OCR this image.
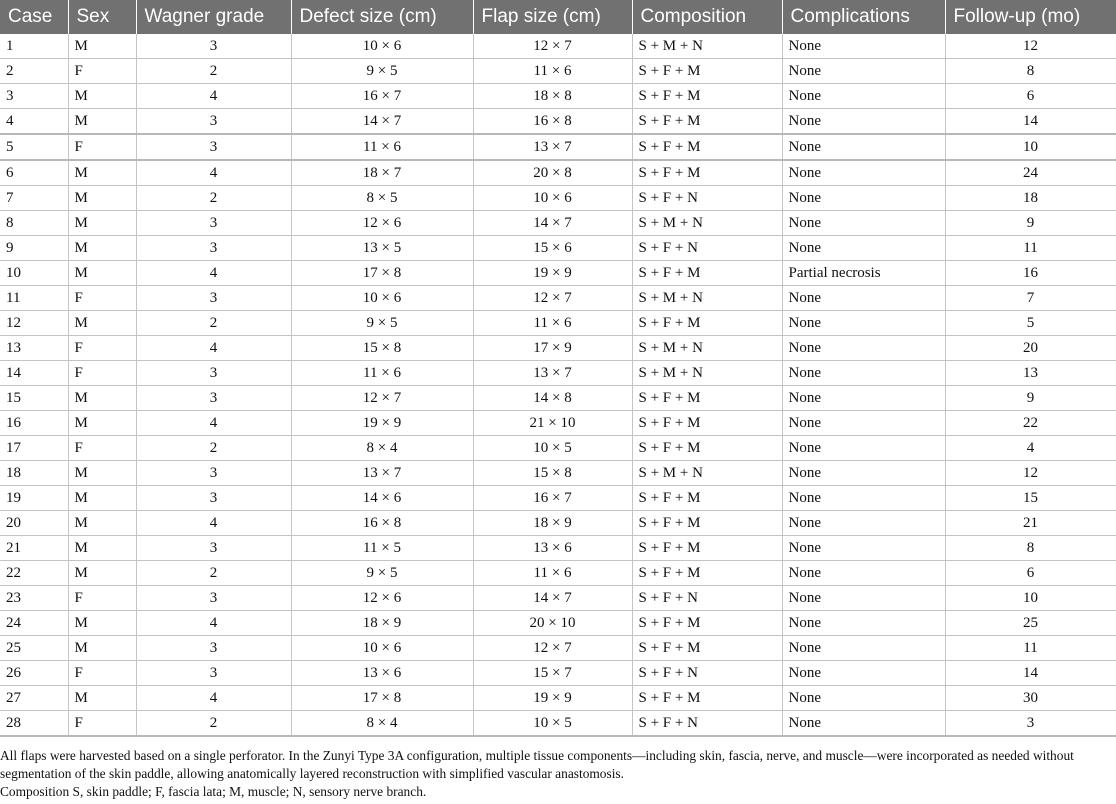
Case	Sex	Wagner grade	Defect size (cm)	Flap size (cm)	Composition	Complications	Follow-up (mo)
1	M	3	10 × 6	12 × 7	S + M + N	None	12
2	F	2	9 × 5	11 × 6	S + F + M	None	8
3	M	4	16 × 7	18 × 8	S + F + M	None	6
4	M	3	14 × 7	16 × 8	S + F + M	None	14
5	F	3	11 × 6	13 × 7	S + F + M	None	10
6	M	4	18 × 7	20 × 8	S + F + M	None	24
7	M	2	8 × 5	10 × 6	S + F + N	None	18
8	M	3	12 × 6	14 × 7	S + M + N	None	9
9	M	3	13 × 5	15 × 6	S + F + N	None	11
10	M	4	17 × 8	19 × 9	S + F + M	Partial necrosis	16
11	F	3	10 × 6	12 × 7	S + M + N	None	7
12	M	2	9 × 5	11 × 6	S + F + M	None	5
13	F	4	15 × 8	17 × 9	S + M + N	None	20
14	F	3	11 × 6	13 × 7	S + M + N	None	13
15	M	3	12 × 7	14 × 8	S + F + M	None	9
16	M	4	19 × 9	21 × 10	S + F + M	None	22
17	F	2	8 × 4	10 × 5	S + F + M	None	4
18	M	3	13 × 7	15 × 8	S + M + N	None	12
19	M	3	14 × 6	16 × 7	S + F + M	None	15
20	M	4	16 × 8	18 × 9	S + F + M	None	21
21	M	3	11 × 5	13 × 6	S + F + M	None	8
22	M	2	9 × 5	11 × 6	S + F + M	None	6
23	F	3	12 × 6	14 × 7	S + F + N	None	10
24	M	4	18 × 9	20 × 10	S + F + M	None	25
25	M	3	10 × 6	12 × 7	S + F + M	None	11
26	F	3	13 × 6	15 × 7	S + F + N	None	14
27	M	4	17 × 8	19 × 9	S + F + M	None	30
28	F	2	8 × 4	10 × 5	S + F + N	None	3

All flaps were harvested based on a single perforator. In the Zunyi Type 3A configuration, multiple tissue components—including skin, fascia, nerve, and muscle—were incorporated as needed without segmentation of the skin paddle, allowing anatomically layered reconstruction with simplified vascular anastomosis.

Composition S, skin paddle; F, fascia lata; M, muscle; N, sensory nerve branch.
